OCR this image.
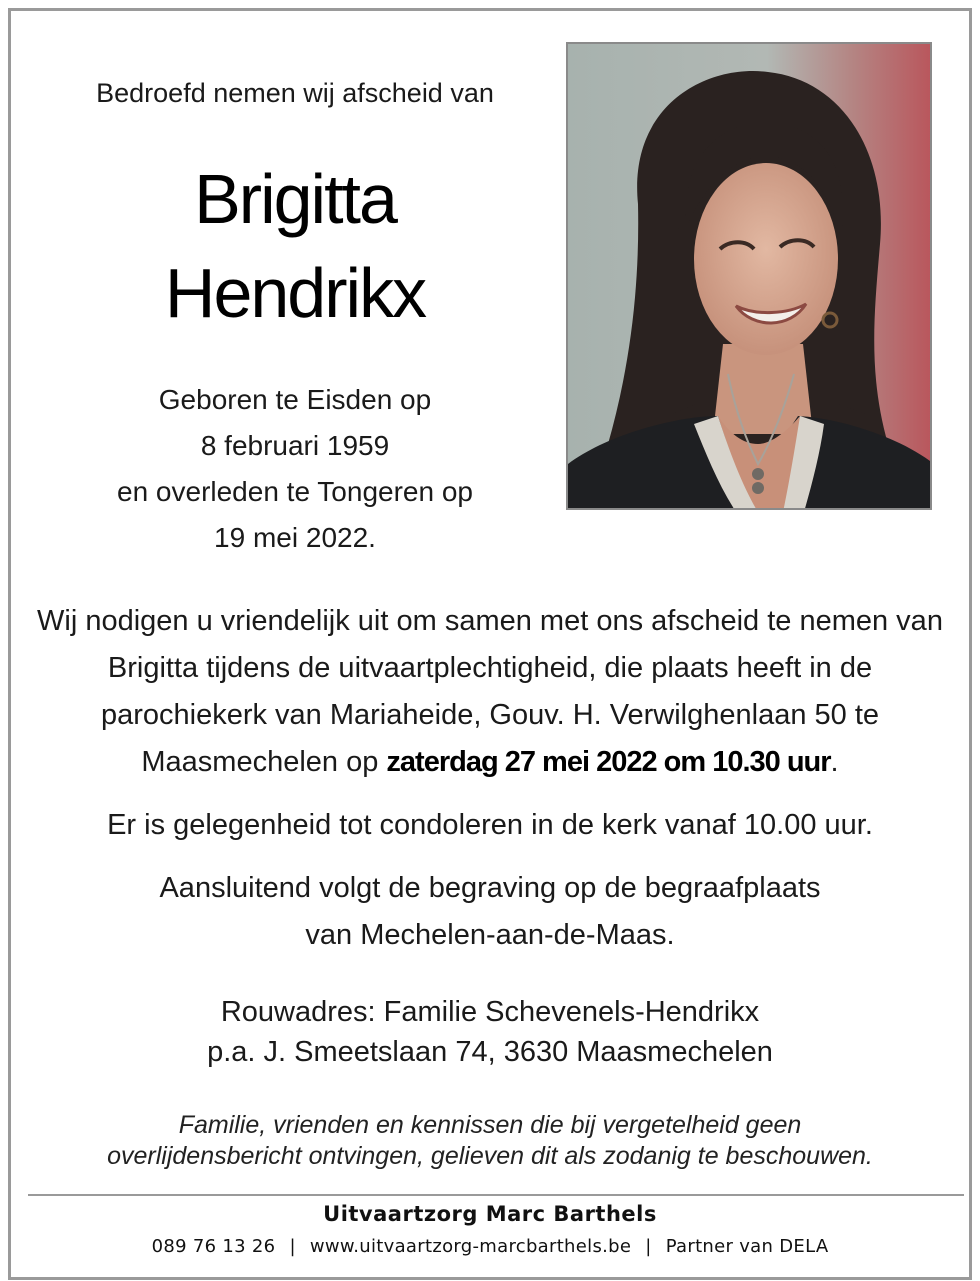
Bedroefd nemen wij afscheid van

Brigitta
Hendrikx
Geboren te Eisden op
8 februari 1959
en overleden te Tongeren op
19 mei 2022.

Wij nodigen u vriendelijk uit om samen met ons afscheid te nemen van Brigitta tijdens de uitvaartplechtigheid, die plaats heeft in de parochiekerk van Mariaheide, Gouv. H. Verwilghenlaan 50 te Maasmechelen op zaterdag 27 mei 2022 om 10.30 uur.

Er is gelegenheid tot condoleren in de kerk vanaf 10.00 uur.

Aansluitend volgt de begraving op de begraafplaats
van Mechelen-aan-de-Maas.
Rouwadres: Familie Schevenels-Hendrikx
p.a. J. Smeetslaan 74, 3630 Maasmechelen
Familie, vrienden en kennissen die bij vergetelheid geen
overlijdensbericht ontvingen, gelieven dit als zodanig te beschouwen.
Uitvaartzorg Marc Barthels
089 76 13 26 | www.uitvaartzorg-marcbarthels.be | Partner van DELA
